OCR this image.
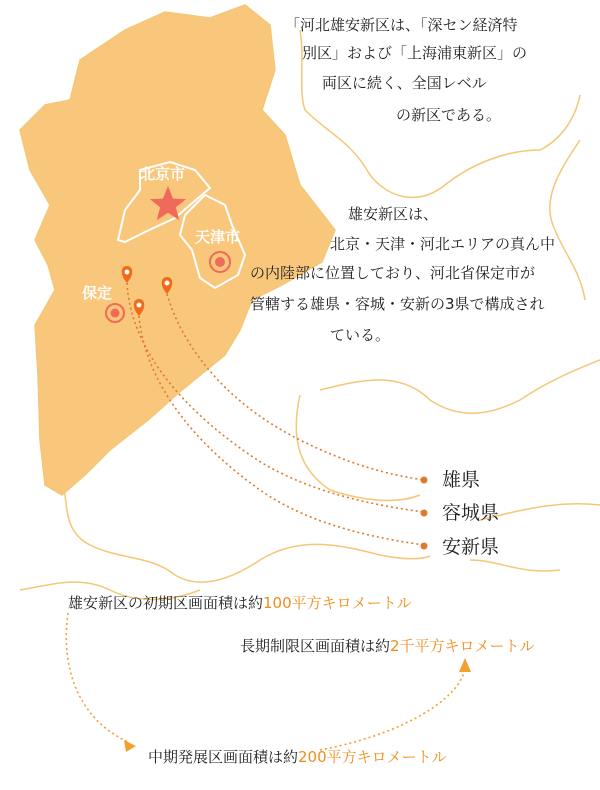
北京市
天津市
保定
「河北雄安新区は、「深セン経済特
別区」および「上海浦東新区」の
両区に続く、全国レベル
の新区である。
雄安新区は、
北京・天津・河北エリアの真ん中
の内陸部に位置しており、河北省保定市が
管轄する雄県・容城・安新の3県で構成され
ている。
雄県
容城県
安新県
雄安新区の初期区画面積は約100平方キロメートル
長期制限区画面積は約2千平方キロメートル
中期発展区画面積は約200平方キロメートル
